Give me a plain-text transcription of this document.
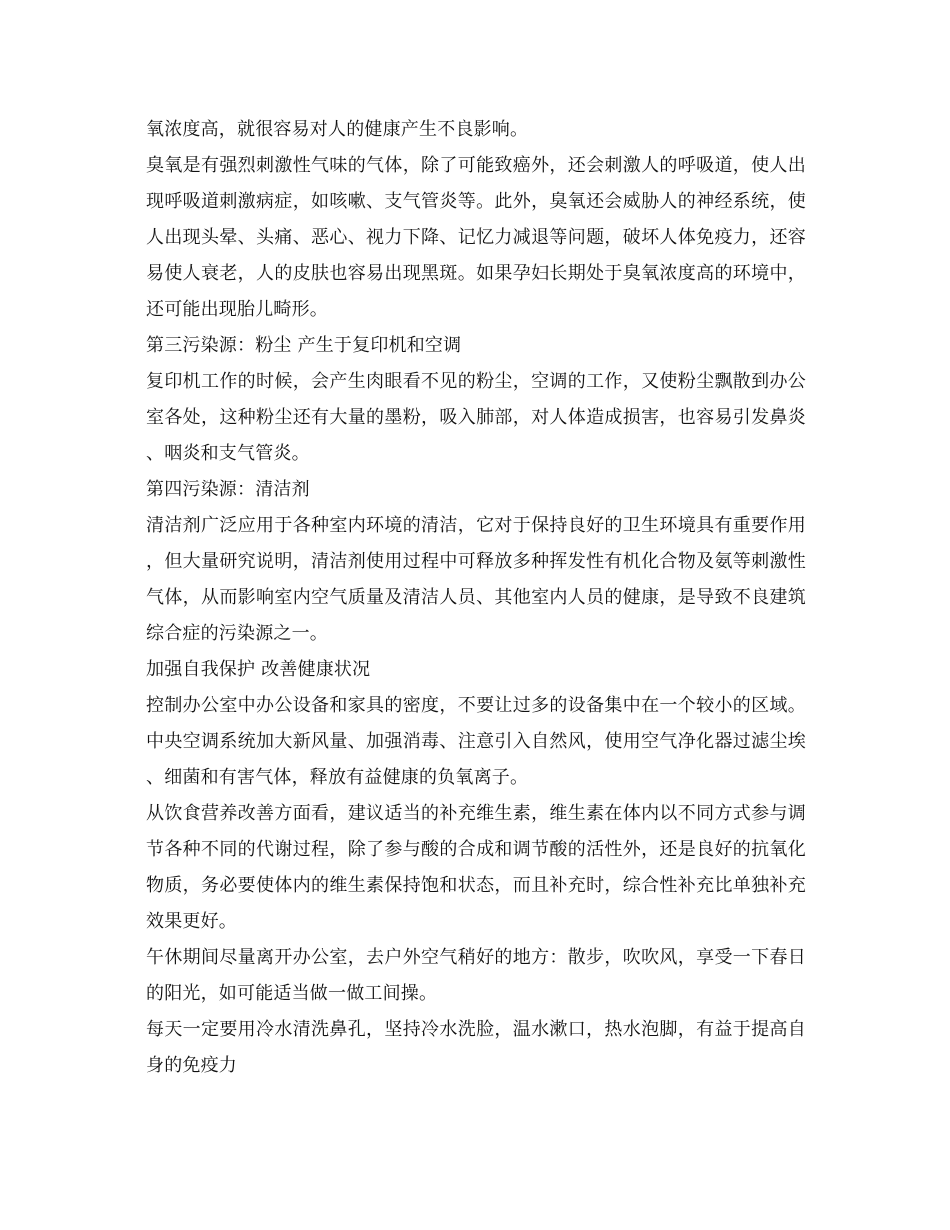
氧浓度高，就很容易对人的健康产生不良影响。

臭氧是有强烈刺激性气味的气体，除了可能致癌外，还会刺激人的呼吸道，使人出现呼吸道刺激病症，如咳嗽、支气管炎等。此外，臭氧还会威胁人的神经系统，使人出现头晕、头痛、恶心、视力下降、记忆力减退等问题，破坏人体免疫力，还容易使人衰老，人的皮肤也容易出现黑斑。如果孕妇长期处于臭氧浓度高的环境中，还可能出现胎儿畸形。

第三污染源：粉尘 产生于复印机和空调

复印机工作的时候，会产生肉眼看不见的粉尘，空调的工作，又使粉尘飘散到办公室各处，这种粉尘还有大量的墨粉，吸入肺部，对人体造成损害，也容易引发鼻炎、咽炎和支气管炎。

第四污染源：清洁剂

清洁剂广泛应用于各种室内环境的清洁，它对于保持良好的卫生环境具有重要作用，但大量研究说明，清洁剂使用过程中可释放多种挥发性有机化合物及氨等刺激性气体，从而影响室内空气质量及清洁人员、其他室内人员的健康，是导致不良建筑综合症的污染源之一。

加强自我保护 改善健康状况

控制办公室中办公设备和家具的密度，不要让过多的设备集中在一个较小的区域。中央空调系统加大新风量、加强消毒、注意引入自然风，使用空气净化器过滤尘埃、细菌和有害气体，释放有益健康的负氧离子。

从饮食营养改善方面看，建议适当的补充维生素，维生素在体内以不同方式参与调节各种不同的代谢过程，除了参与酸的合成和调节酸的活性外，还是良好的抗氧化物质，务必要使体内的维生素保持饱和状态，而且补充时，综合性补充比单独补充效果更好。

午休期间尽量离开办公室，去户外空气稍好的地方：散步，吹吹风，享受一下春日的阳光，如可能适当做一做工间操。

每天一定要用冷水清洗鼻孔，坚持冷水洗脸，温水漱口，热水泡脚，有益于提高自身的免疫力
